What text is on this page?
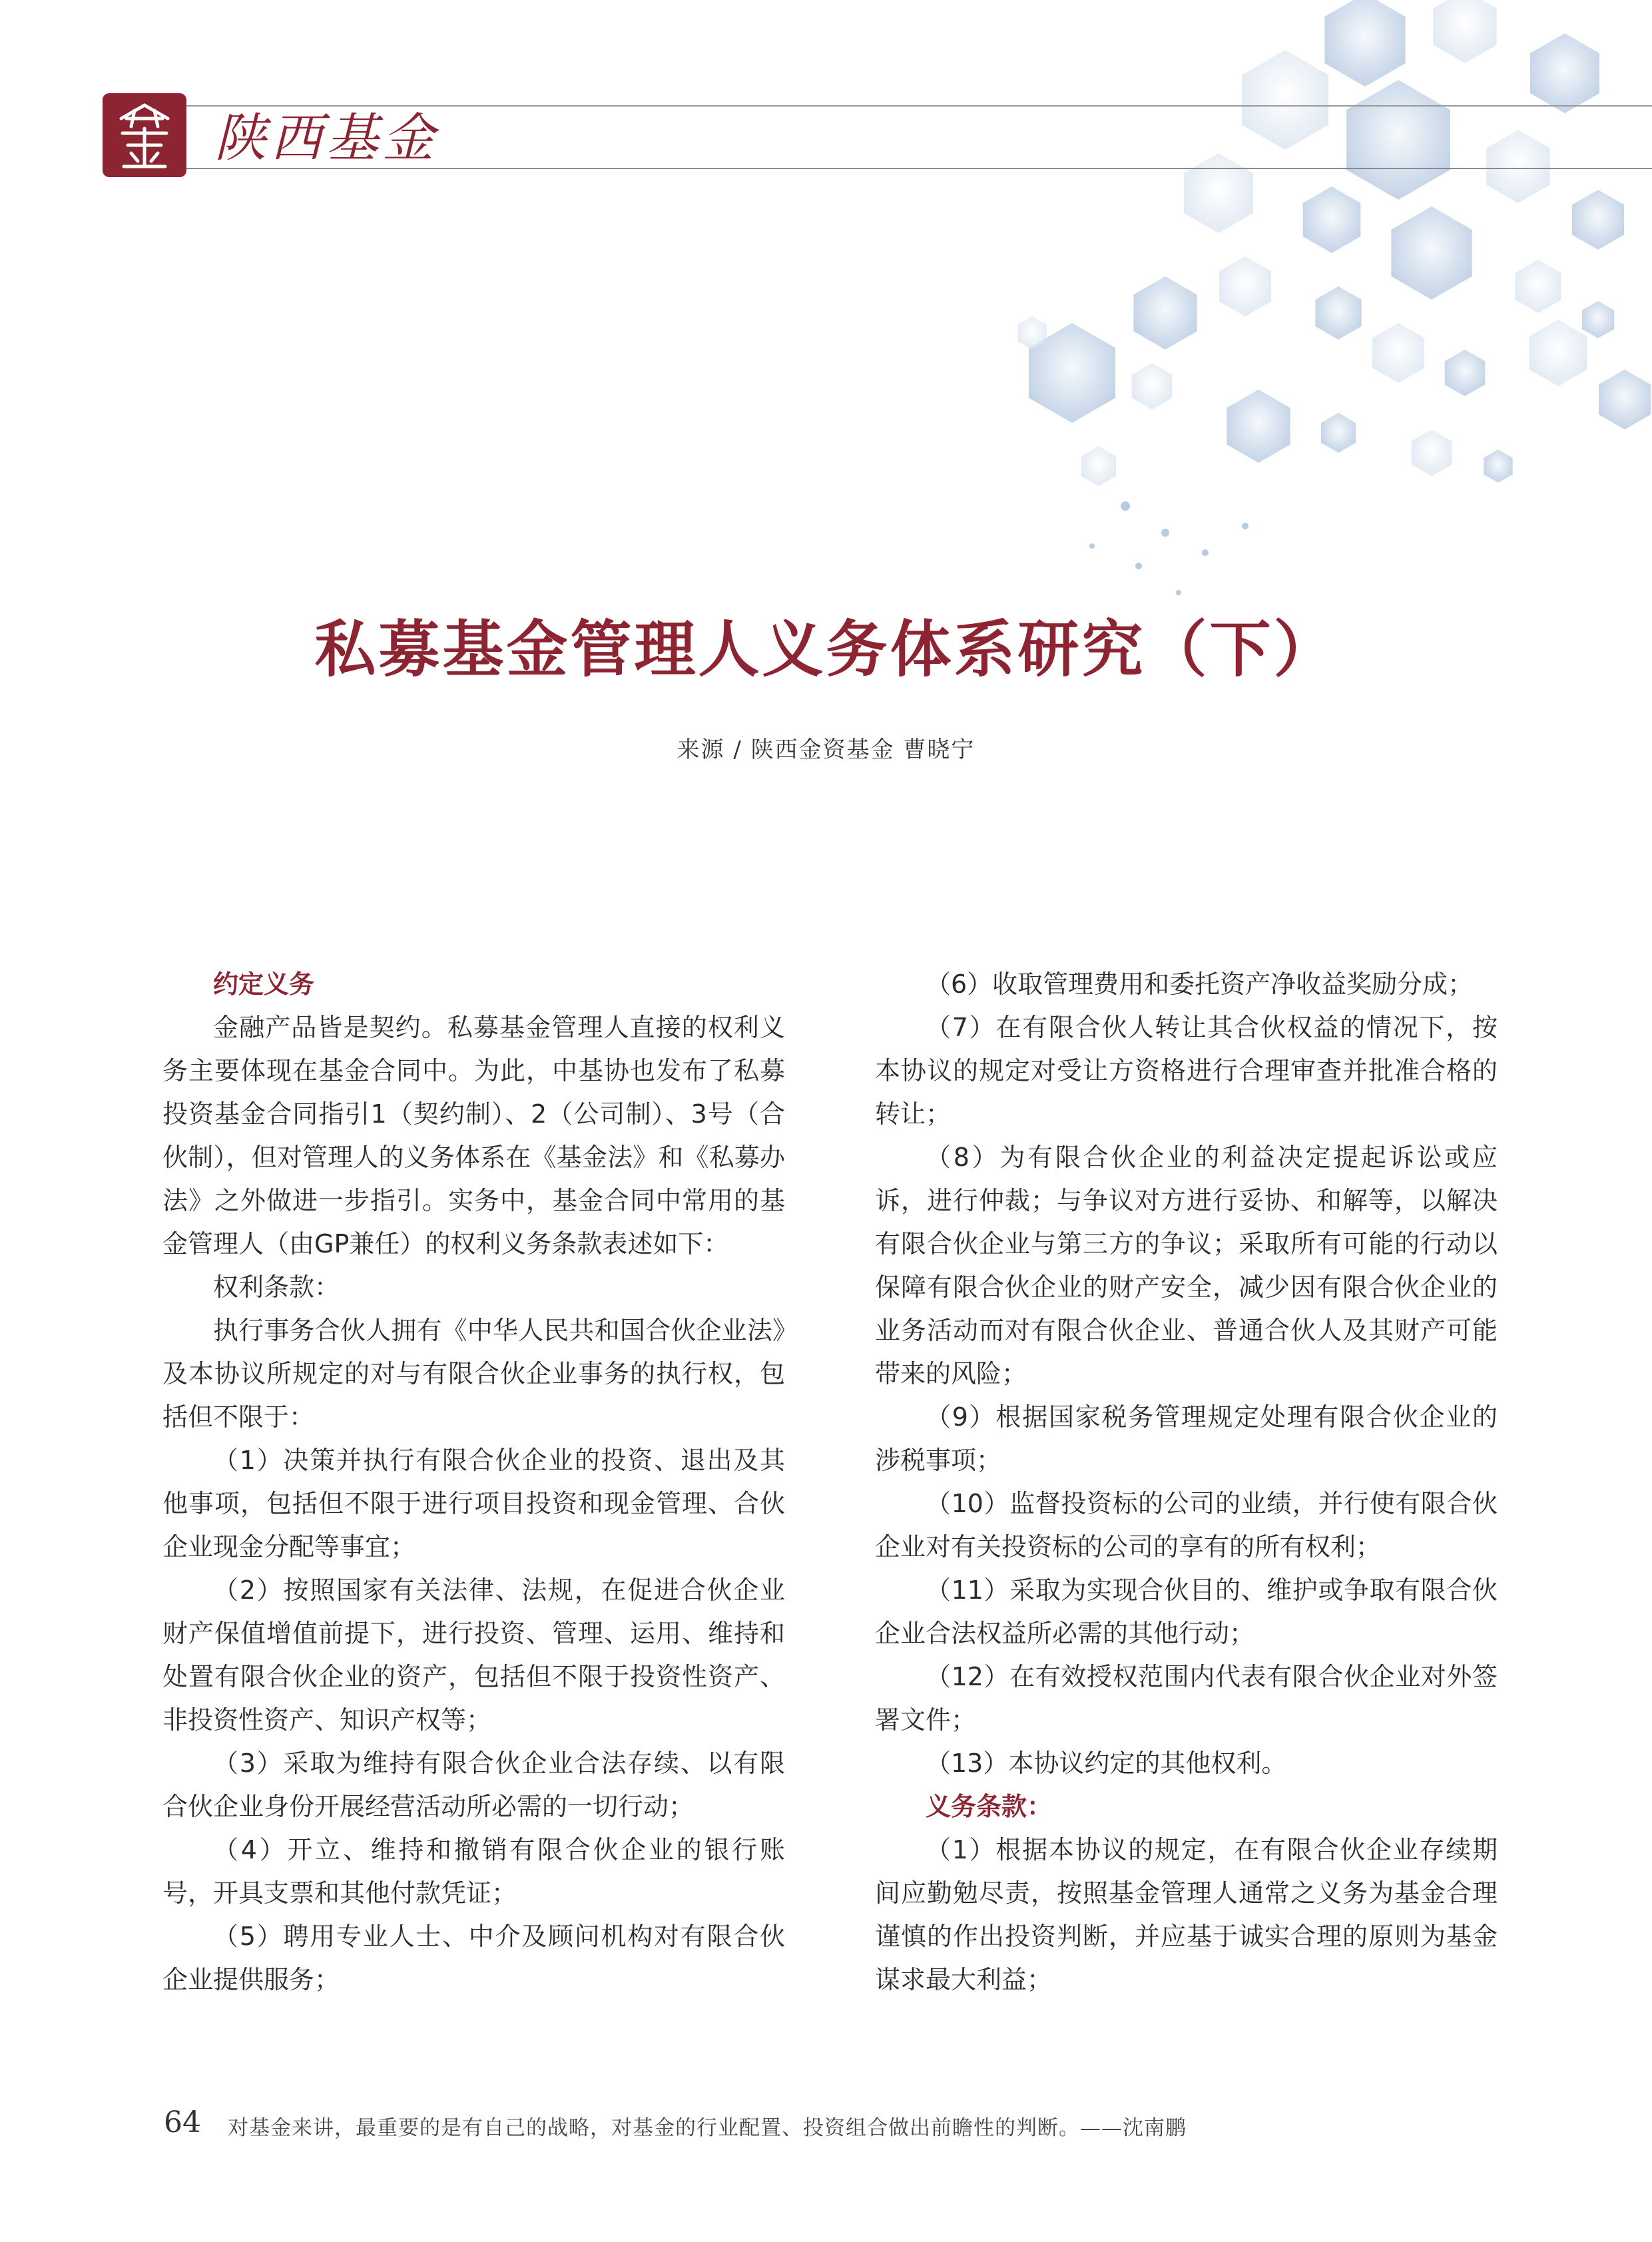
陕西基金
私募基金管理人义务体系研究（下）
来源 / 陕西金资基金 曹晓宁

约定义务

金融产品皆是契约。私募基金管理人直接的权利义务主要体现在基金合同中。为此，中基协也发布了私募投资基金合同指引1（契约制）、2（公司制）、3号（合伙制），但对管理人的义务体系在《基金法》和《私募办法》之外做进一步指引。实务中，基金合同中常用的基金管理人（由GP兼任）的权利义务条款表述如下：

权利条款：

执行事务合伙人拥有《中华人民共和国合伙企业法》及本协议所规定的对与有限合伙企业事务的执行权，包括但不限于：

（1）决策并执行有限合伙企业的投资、退出及其他事项，包括但不限于进行项目投资和现金管理、合伙企业现金分配等事宜；

（2）按照国家有关法律、法规，在促进合伙企业财产保值增值前提下，进行投资、管理、运用、维持和处置有限合伙企业的资产，包括但不限于投资性资产、非投资性资产、知识产权等；

（3）采取为维持有限合伙企业合法存续、以有限合伙企业身份开展经营活动所必需的一切行动；

（4）开立、维持和撤销有限合伙企业的银行账号，开具支票和其他付款凭证；

（5）聘用专业人士、中介及顾问机构对有限合伙企业提供服务；

（6）收取管理费用和委托资产净收益奖励分成；

（7）在有限合伙人转让其合伙权益的情况下，按本协议的规定对受让方资格进行合理审查并批准合格的转让；

（8）为有限合伙企业的利益决定提起诉讼或应诉，进行仲裁；与争议对方进行妥协、和解等，以解决有限合伙企业与第三方的争议；采取所有可能的行动以保障有限合伙企业的财产安全，减少因有限合伙企业的业务活动而对有限合伙企业、普通合伙人及其财产可能带来的风险；

（9）根据国家税务管理规定处理有限合伙企业的涉税事项；

（10）监督投资标的公司的业绩，并行使有限合伙企业对有关投资标的公司的享有的所有权利；

（11）采取为实现合伙目的、维护或争取有限合伙企业合法权益所必需的其他行动；

（12）在有效授权范围内代表有限合伙企业对外签署文件；

（13）本协议约定的其他权利。

义务条款：

（1）根据本协议的规定，在有限合伙企业存续期间应勤勉尽责，按照基金管理人通常之义务为基金合理谨慎的作出投资判断，并应基于诚实合理的原则为基金谋求最大利益；

64 对基金来讲，最重要的是有自己的战略，对基金的行业配置、投资组合做出前瞻性的判断。——沈南鹏
